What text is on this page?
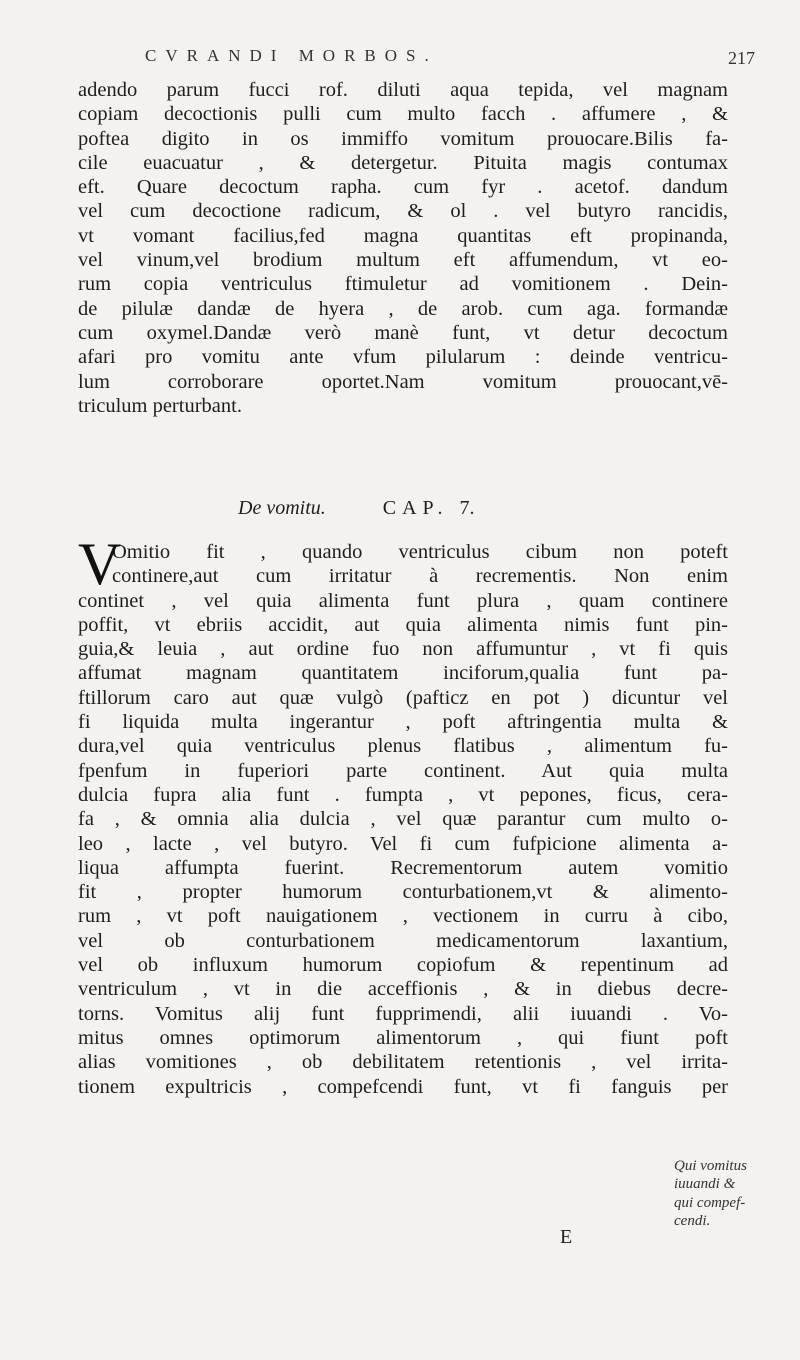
CVRANDI MORBOS.	217
adendo parum fucci rof. diluti aqua tepida, vel magnam
copiam decoctionis pulli cum multo facch . affumere , &
poftea digito in os immiffo vomitum prouocare.Bilis fa-
cile euacuatur , & detergetur. Pituita magis contumax
eft. Quare decoctum rapha. cum fyr . acetof. dandum
vel cum decoctione radicum, & ol . vel butyro rancidis,
vt vomant facilius,fed magna quantitas eft propinanda,
vel vinum,vel brodium multum eft affumendum, vt eo-
rum copia ventriculus ftimuletur ad vomitionem . Dein-
de pilulæ dandæ de hyera , de arob. cum aga. formandæ
cum oxymel.Dandæ verò manè funt, vt detur decoctum
afari pro vomitu ante vfum pilularum : deinde ventricu-
lum corroborare oportet.Nam vomitum prouocant,vē-
triculum perturbant.
De vomitu.	CAP. 7.
V
Omitio fit , quando ventriculus cibum non poteft
continere,aut cum irritatur à recrementis. Non enim
continet , vel quia alimenta funt plura , quam continere
poffit, vt ebriis accidit, aut quia alimenta nimis funt pin-
guia,& leuia , aut ordine fuo non affumuntur , vt fi quis
affumat magnam quantitatem inciforum,qualia funt pa-
ftillorum caro aut quæ vulgò (pafticz en pot ) dicuntur vel
fi liquida multa ingerantur , poft aftringentia multa &
dura,vel quia ventriculus plenus flatibus , alimentum fu-
fpenfum in fuperiori parte continent. Aut quia multa
dulcia fupra alia funt . fumpta , vt pepones, ficus, cera-
fa , & omnia alia dulcia , vel quæ parantur cum multo o-
leo , lacte , vel butyro. Vel fi cum fufpicione alimenta a-
liqua affumpta fuerint. Recrementorum autem vomitio
fit , propter humorum conturbationem,vt & alimento-
rum , vt poft nauigationem , vectionem in curru à cibo,
vel ob conturbationem medicamentorum laxantium,
vel ob influxum humorum copiofum & repentinum ad
ventriculum , vt in die acceffionis , & in diebus decre-
torns. Vomitus alij funt fupprimendi, alii iuuandi . Vo-
mitus omnes optimorum alimentorum , qui fiunt poft
alias vomitiones , ob debilitatem retentionis , vel irrita-
tionem expultricis , compefcendi funt, vt fi fanguis per
Qui vomitus
iuuandi &
qui compef-
cendi.
E
